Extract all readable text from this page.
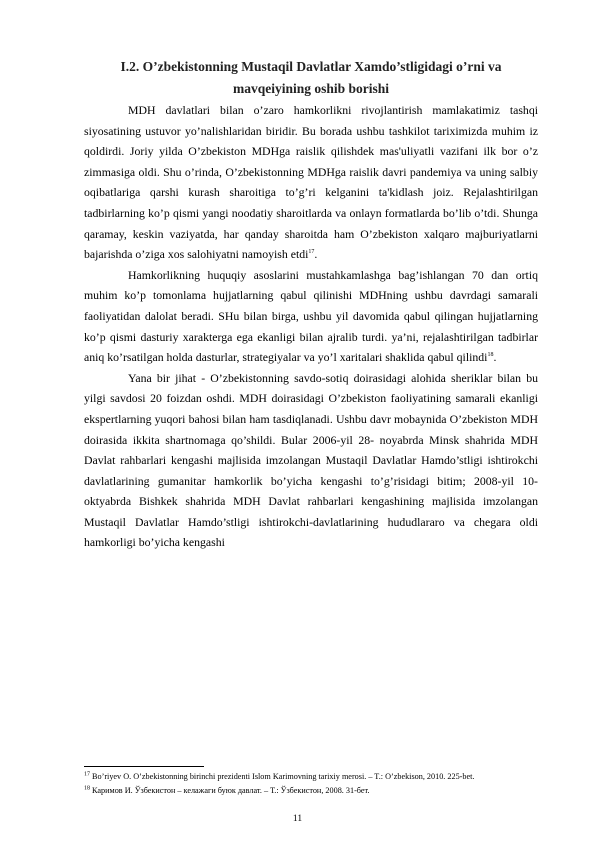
I.2. O’zbekistonning Mustaqil Davlatlar Xamdo’stligidagi o’rni va mavqeiyining oshib borishi

MDH davlatlari bilan o’zaro hamkorlikni rivojlantirish mamlakatimiz tashqi siyosatining ustuvor yo’nalishlaridan biridir. Bu borada ushbu tashkilot tariximizda muhim iz qoldirdi. Joriy yilda O’zbekiston MDHga raislik qilishdek mas'uliyatli vazifani ilk bor o’z zimmasiga oldi. Shu o’rinda, O’zbekistonning MDHga raislik davri pandemiya va uning salbiy oqibatlariga qarshi kurash sharoitiga to’g’ri kelganini ta'kidlash joiz. Rejalashtirilgan tadbirlarning ko’p qismi yangi noodatiy sharoitlarda va onlayn formatlarda bo’lib o’tdi. Shunga qaramay, keskin vaziyatda, har qanday sharoitda ham O’zbekiston xalqaro majburiyatlarni bajarishda o’ziga xos salohiyatni namoyish etdi$^{17}$.

Hamkorlikning huquqiy asoslarini mustahkamlashga bag’ishlangan 70 dan ortiq muhim ko’p tomonlama hujjatlarning qabul qilinishi MDHning ushbu davrdagi samarali faoliyatidan dalolat beradi. SHu bilan birga, ushbu yil davomida qabul qilingan hujjatlarning ko’p qismi dasturiy xarakterga ega ekanligi bilan ajralib turdi. ya’ni, rejalashtirilgan tadbirlar aniq ko’rsatilgan holda dasturlar, strategiyalar va yo’l xaritalari shaklida qabul qilindi$^{18}$.

Yana bir jihat - O’zbekistonning savdo-sotiq doirasidagi alohida sheriklar bilan bu yilgi savdosi 20 foizdan oshdi. MDH doirasidagi O’zbekiston faoliyatining samarali ekanligi ekspertlarning yuqori bahosi bilan ham tasdiqlanadi. Ushbu davr mobaynida O’zbekiston MDH doirasida ikkita shartnomaga qo’shildi. Bular 2006-yil 28- noyabrda Minsk shahrida MDH Davlat rahbarlari kengashi majlisida imzolangan Mustaqil Davlatlar Hamdo’stligi ishtirokchi davlatlarining gumanitar hamkorlik bo’yicha kengashi to’g’risidagi bitim; 2008-yil 10-oktyabrda Bishkek shahrida MDH Davlat rahbarlari kengashining majlisida imzolangan Mustaqil Davlatlar Hamdo’stligi ishtirokchi-davlatlarining hududlararo va chegara oldi hamkorligi bo’yicha kengashi

$^{17}$ Bo’riyev O. O’zbekistonning birinchi prezidenti Islom Karimovning tarixiy merosi. – T.: O’zbekison, 2010. 225-bet.
$^{18}$ Каримов И. Ўзбекистон – келажаги буюк давлат. – Т.: Ўзбекистон, 2008. 31-бет.
11
